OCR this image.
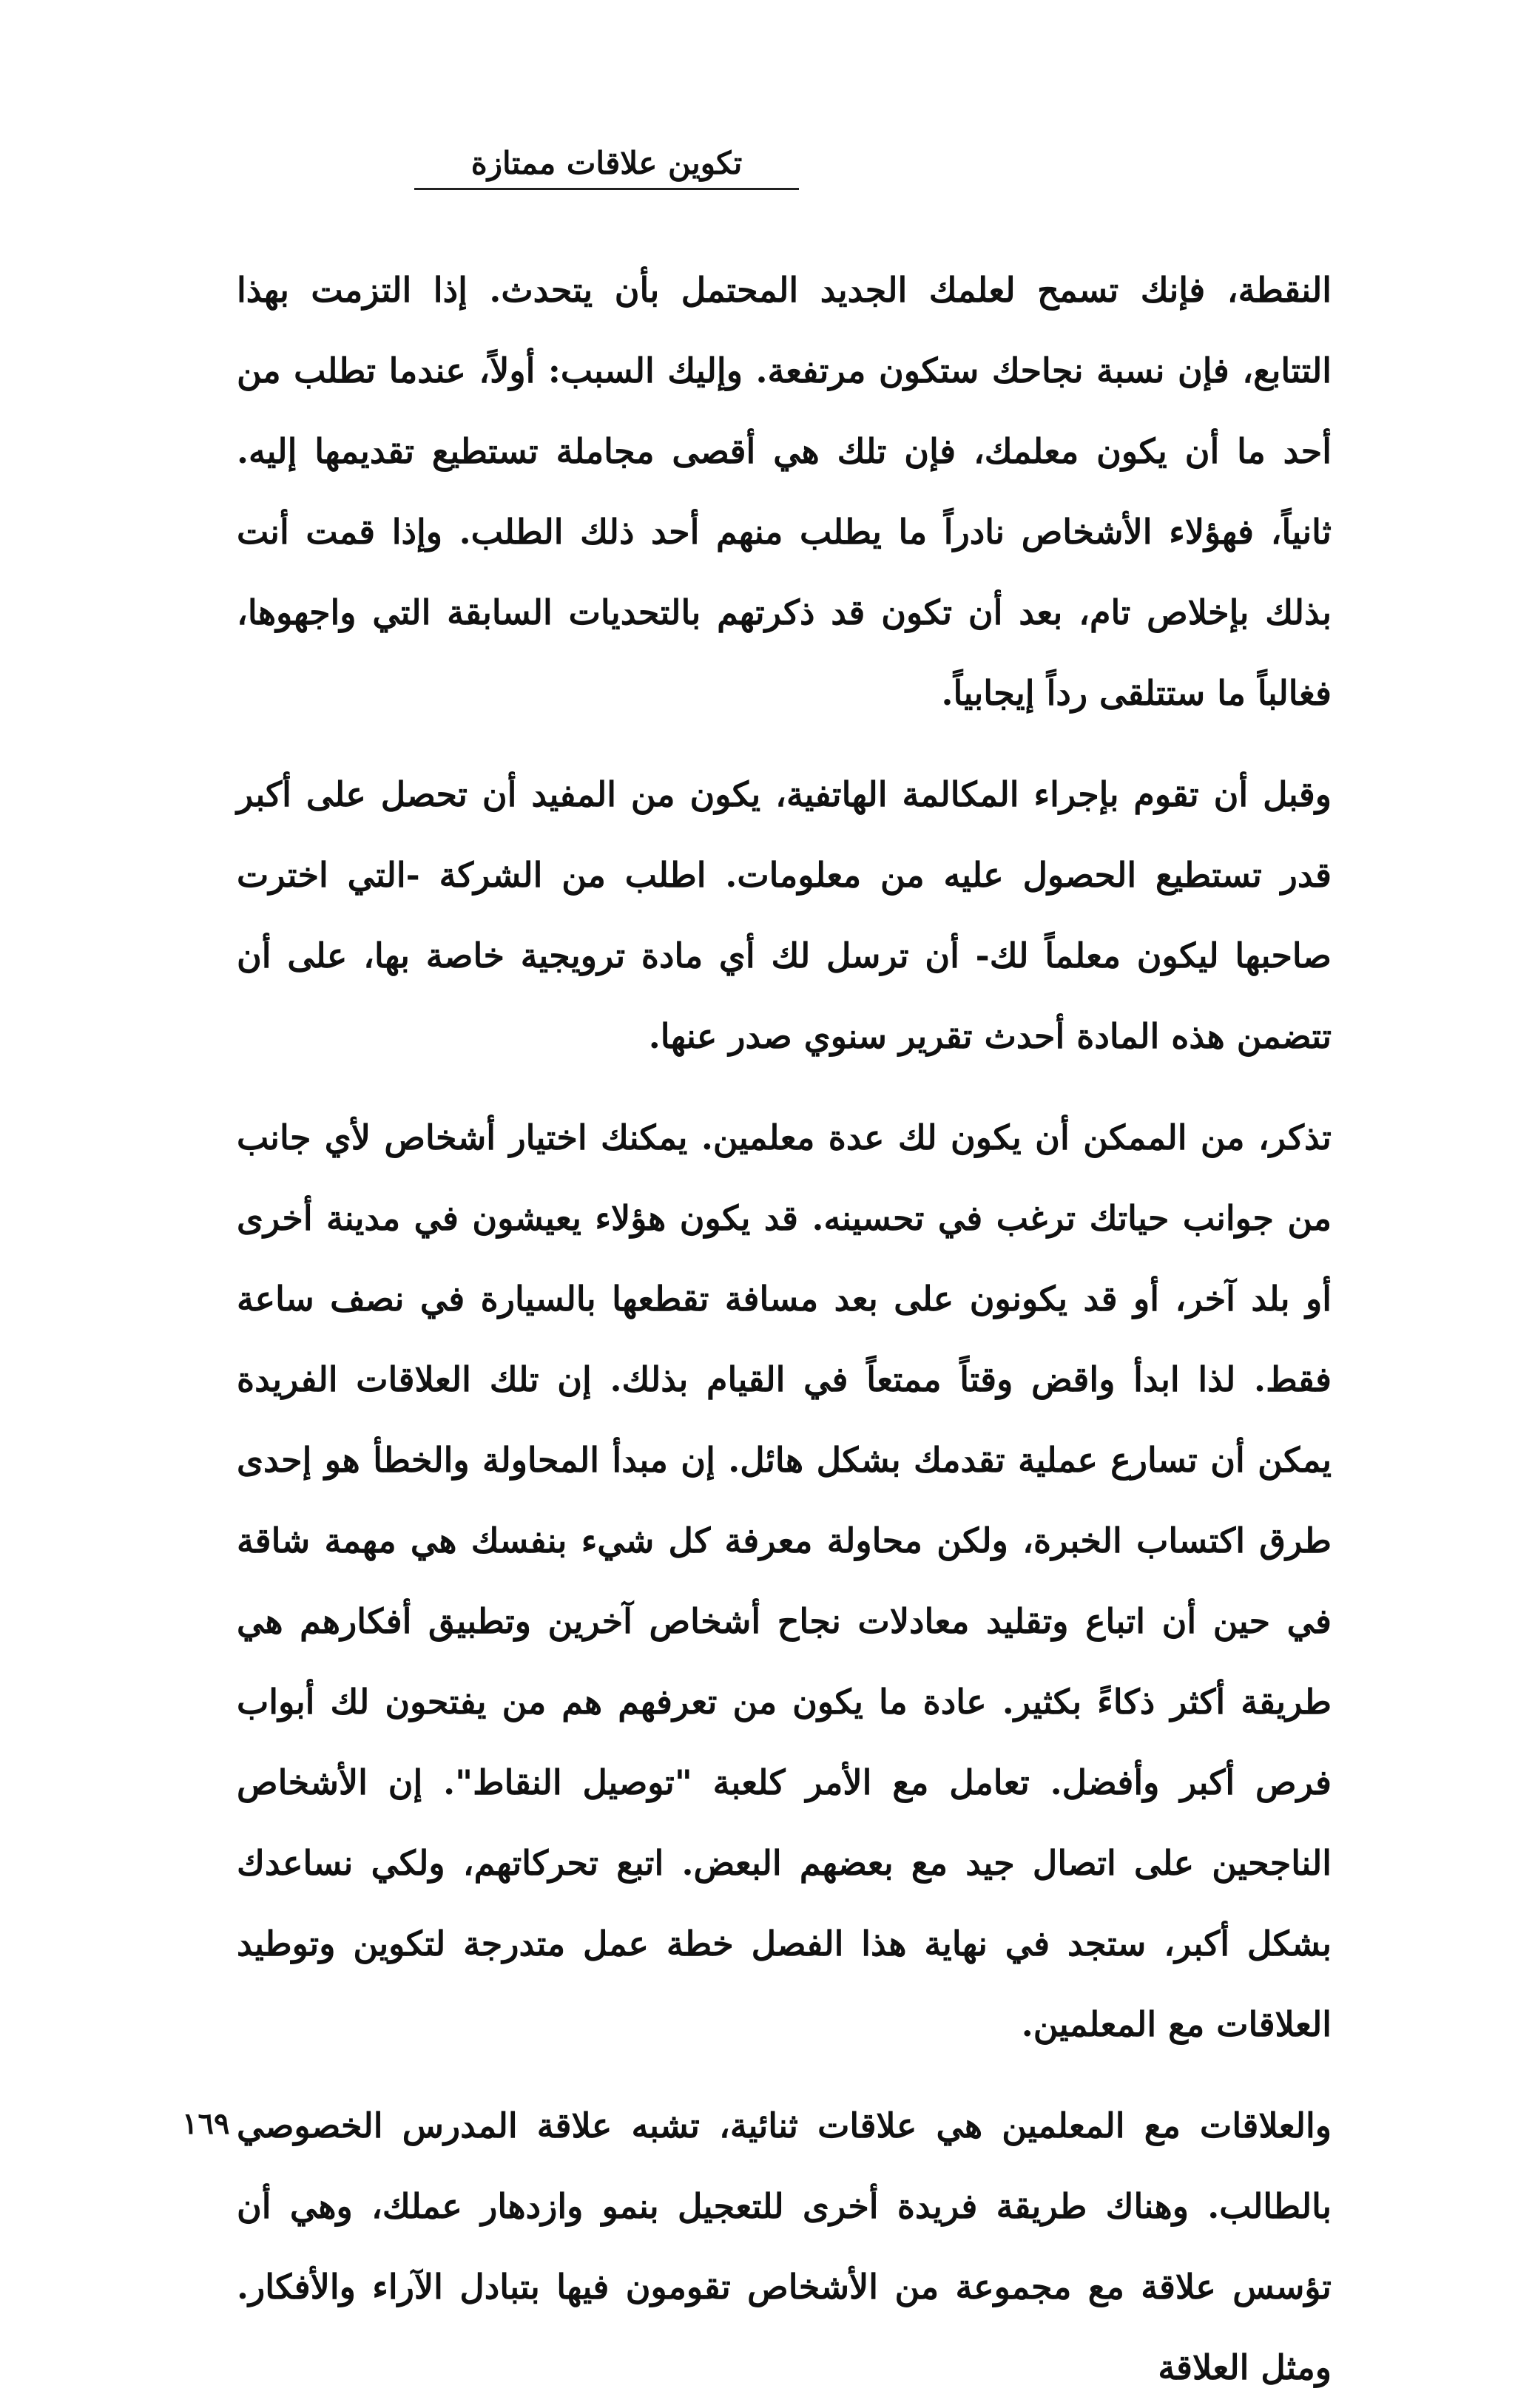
تكوين علاقات ممتازة

النقطة، فإنك تسمح لعلمك الجديد المحتمل بأن يتحدث. إذا التزمت بهذا التتابع، فإن نسبة نجاحك ستكون مرتفعة. وإليك السبب: أولاً، عندما تطلب من أحد ما أن يكون معلمك، فإن تلك هي أقصى مجاملة تستطيع تقديمها إليه. ثانياً، فهؤلاء الأشخاص نادراً ما يطلب منهم أحد ذلك الطلب. وإذا قمت أنت بذلك بإخلاص تام، بعد أن تكون قد ذكرتهم بالتحديات السابقة التي واجهوها، فغالباً ما ستتلقى رداً إيجابياً.

وقبل أن تقوم بإجراء المكالمة الهاتفية، يكون من المفيد أن تحصل على أكبر قدر تستطيع الحصول عليه من معلومات. اطلب من الشركة -التي اخترت صاحبها ليكون معلماً لك- أن ترسل لك أي مادة ترويجية خاصة بها، على أن تتضمن هذه المادة أحدث تقرير سنوي صدر عنها.

تذكر، من الممكن أن يكون لك عدة معلمين. يمكنك اختيار أشخاص لأي جانب من جوانب حياتك ترغب في تحسينه. قد يكون هؤلاء يعيشون في مدينة أخرى أو بلد آخر، أو قد يكونون على بعد مسافة تقطعها بالسيارة في نصف ساعة فقط. لذا ابدأ واقض وقتاً ممتعاً في القيام بذلك. إن تلك العلاقات الفريدة يمكن أن تسارع عملية تقدمك بشكل هائل. إن مبدأ المحاولة والخطأ هو إحدى طرق اكتساب الخبرة، ولكن محاولة معرفة كل شيء بنفسك هي مهمة شاقة في حين أن اتباع وتقليد معادلات نجاح أشخاص آخرين وتطبيق أفكارهم هي طريقة أكثر ذكاءً بكثير. عادة ما يكون من تعرفهم هم من يفتحون لك أبواب فرص أكبر وأفضل. تعامل مع الأمر كلعبة "توصيل النقاط". إن الأشخاص الناجحين على اتصال جيد مع بعضهم البعض. اتبع تحركاتهم، ولكي نساعدك بشكل أكبر، ستجد في نهاية هذا الفصل خطة عمل متدرجة لتكوين وتوطيد العلاقات مع المعلمين.

والعلاقات مع المعلمين هي علاقات ثنائية، تشبه علاقة المدرس الخصوصي بالطالب. وهناك طريقة فريدة أخرى للتعجيل بنمو وازدهار عملك، وهي أن تؤسس علاقة مع مجموعة من الأشخاص تقومون فيها بتبادل الآراء والأفكار. ومثل العلاقة

١٦٩
